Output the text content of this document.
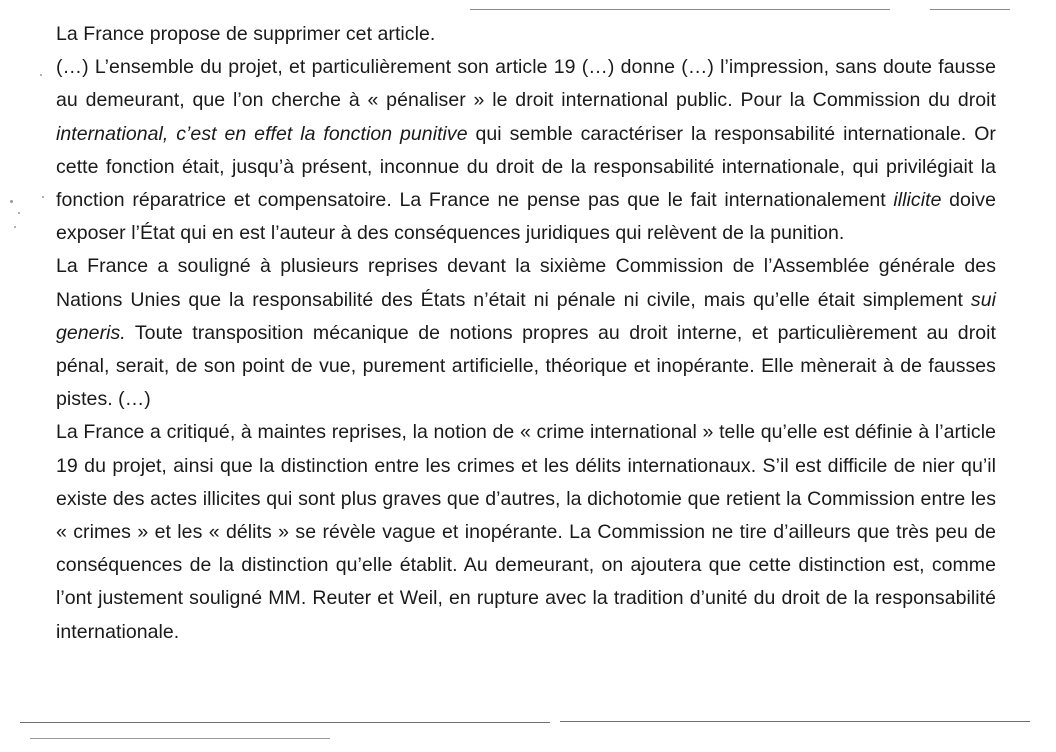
La France propose de supprimer cet article.

(…) L’ensemble du projet, et particulièrement son article 19 (…) donne (…) l’impression, sans doute fausse au demeurant, que l’on cherche à « pénaliser » le droit international public. Pour la Commission du droit international, c’est en effet la fonction punitive qui semble caractériser la responsabilité internationale. Or cette fonction était, jusqu’à présent, inconnue du droit de la responsabilité internationale, qui privilégiait la fonction réparatrice et compensatoire. La France ne pense pas que le fait internationalement illicite doive exposer l’État qui en est l’auteur à des conséquences juridiques qui relèvent de la punition.

La France a souligné à plusieurs reprises devant la sixième Commission de l’Assemblée générale des Nations Unies que la responsabilité des États n’était ni pénale ni civile, mais qu’elle était simplement sui generis. Toute transposition mécanique de notions propres au droit interne, et particulièrement au droit pénal, serait, de son point de vue, purement artificielle, théorique et inopérante. Elle mènerait à de fausses pistes. (…)

La France a critiqué, à maintes reprises, la notion de « crime international » telle qu’elle est définie à l’article 19 du projet, ainsi que la distinction entre les crimes et les délits internationaux. S’il est difficile de nier qu’il existe des actes illicites qui sont plus graves que d’autres, la dichotomie que retient la Commission entre les « crimes » et les « délits » se révèle vague et inopérante. La Commission ne tire d’ailleurs que très peu de conséquences de la distinction qu’elle établit. Au demeurant, on ajoutera que cette distinction est, comme l’ont justement souligné MM. Reuter et Weil, en rupture avec la tradition d’unité du droit de la responsabilité internationale.
